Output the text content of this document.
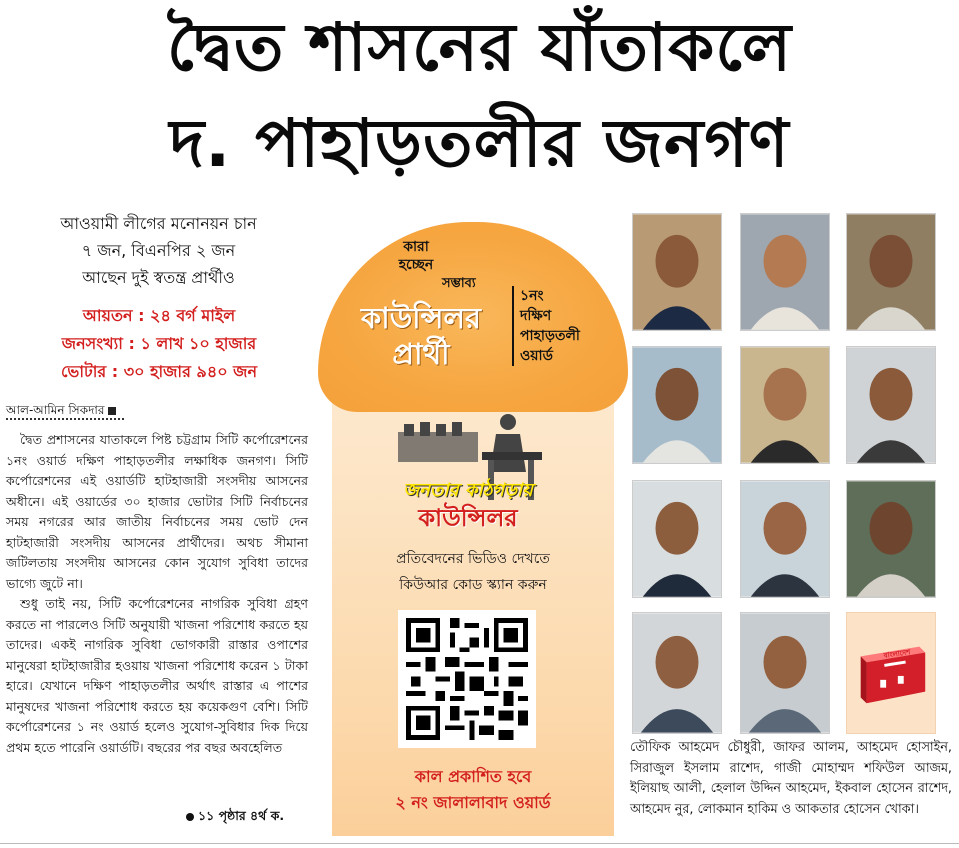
দ্বৈত শাসনের যাঁতাকলে
দ. পাহাড়তলীর জনগণ
আওয়ামী লীগের মনোনয়ন চান
৭ জন, বিএনপির ২ জন
আছেন দুই স্বতন্ত্র প্রার্থীও
আয়তন : ২৪ বর্গ মাইল
জনসংখ্যা : ১ লাখ ১০ হাজার
ভোটার : ৩০ হাজার ৯৪০ জন
আল-আমিন সিকদার

দ্বৈত প্রশাসনের যাতাকলে পিষ্ট চট্টগ্রাম সিটি কর্পোরেশনের ১নং ওয়ার্ড দক্ষিণ পাহাড়তলীর লক্ষাধিক জনগণ। সিটি কর্পোরেশনের এই ওয়ার্ডটি হাটহাজারী সংসদীয় আসনের অধীনে। এই ওয়ার্ডের ৩০ হাজার ভোটার সিটি নির্বাচনের সময় নগরের আর জাতীয় নির্বাচনের সময় ভোট দেন হাটহাজারী সংসদীয় আসনের প্রার্থীদের। অথচ সীমানা জটিলতায় সংসদীয় আসনের কোন সুযোগ সুবিধা তাদের ভাগ্যে জুটে না।

শুধু তাই নয়, সিটি কর্পোরেশনের নাগরিক সুবিধা গ্রহণ করতে না পারলেও সিটি অনুযায়ী খাজনা পরিশোধ করতে হয় তাদের। একই নাগরিক সুবিধা ভোগকারী রাস্তার ওপাশের মানুষেরা হাটহাজারীর হওয়ায় খাজনা পরিশোধ করেন ১ টাকা হারে। যেখানে দক্ষিণ পাহাড়তলীর অর্থাৎ রাস্তার এ পাশের মানুষদের খাজনা পরিশোধ করতে হয় কয়েকগুণ বেশি। সিটি কর্পোরেশনের ১ নং ওয়ার্ড হলেও সুযোগ-সুবিধার দিক দিয়ে প্রথম হতে পারেনি ওয়ার্ডটি। বছরের পর বছর অবহেলিত

১১ পৃষ্ঠার ৪র্থ ক.
কারা হচ্ছেন
সম্ভাব্য
কাউন্সিলর
প্রার্থী
১নং
দক্ষিণ
পাহাড়তলী
ওয়ার্ড
জনতার কাঠগড়ায়
কাউন্সিলর
প্রতিবেদনের ভিডিও দেখতে
কিউআর কোড স্ক্যান করুন
কাল প্রকাশিত হবে
২ নং জালালাবাদ ওয়ার্ড
বাংলাদেশ
তৌফিক আহমেদ চৌধুরী, জাফর আলম, আহমেদ হোসাইন, সিরাজুল ইসলাম রাশেদ, গাজী মোহাম্মদ শফিউল আজম, ইলিয়াছ আলী, হেলাল উদ্দিন আহমেদ, ইকবাল হোসেন রাশেদ, আহমেদ নুর, লোকমান হাকিম ও আকতার হোসেন খোকা।
